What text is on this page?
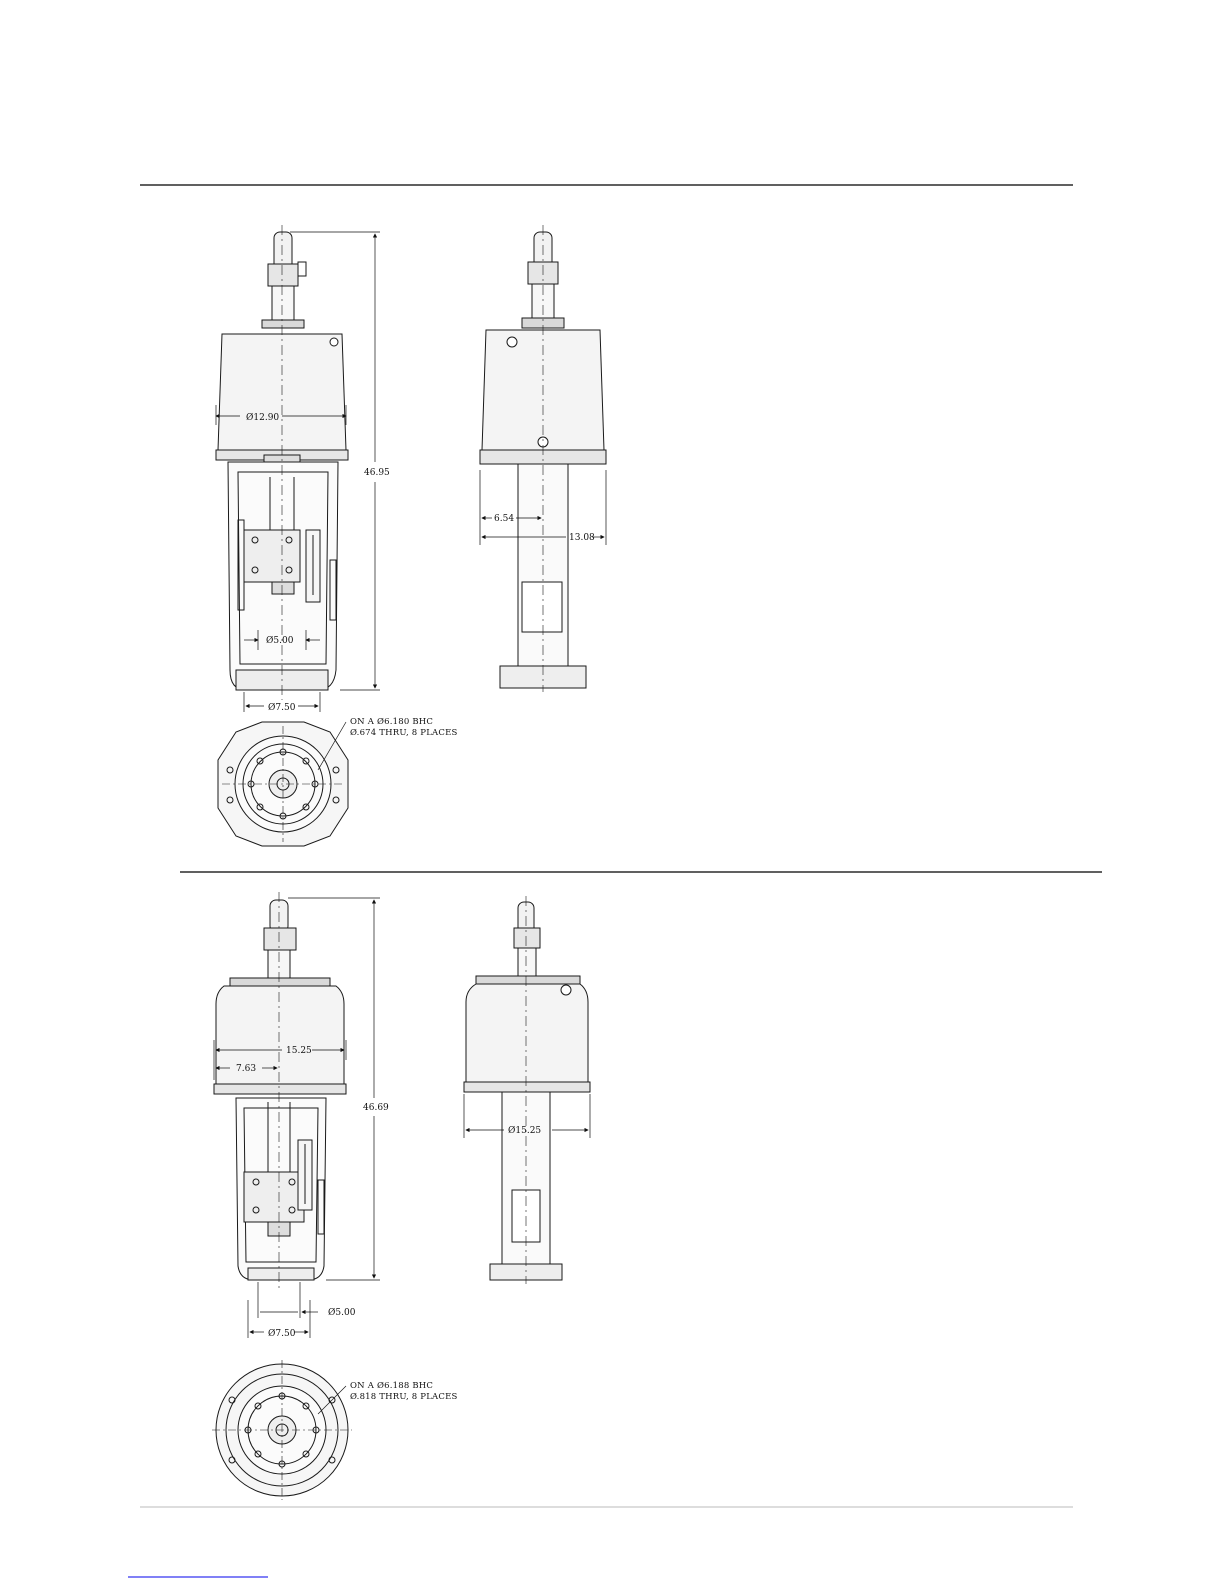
Ø12.90
46.95
Ø5.00
Ø7.50
6.54
13.08
ON A Ø6.180 BHC
Ø.674 THRU, 8 PLACES
15.25
7.63
46.69
Ø5.00
Ø7.50
Ø15.25
ON A Ø6.188 BHC
Ø.818 THRU, 8 PLACES
